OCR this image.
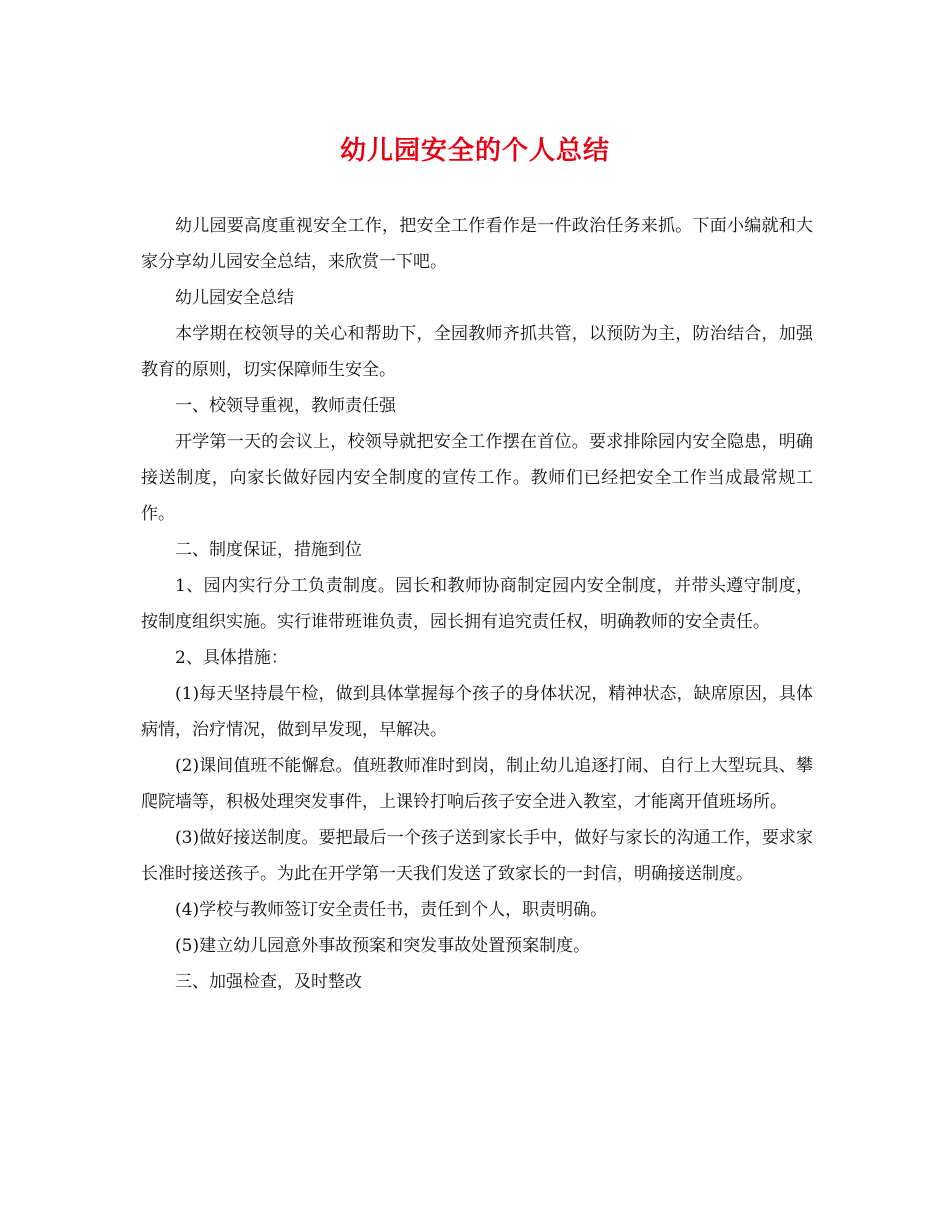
幼儿园安全的个人总结

幼儿园要高度重视安全工作，把安全工作看作是一件政治任务来抓。下面小编就和大家分享幼儿园安全总结，来欣赏一下吧。

幼儿园安全总结

本学期在校领导的关心和帮助下，全园教师齐抓共管，以预防为主，防治结合，加强教育的原则，切实保障师生安全。

一、校领导重视，教师责任强

开学第一天的会议上，校领导就把安全工作摆在首位。要求排除园内安全隐患，明确接送制度，向家长做好园内安全制度的宣传工作。教师们已经把安全工作当成最常规工作。

二、制度保证，措施到位

1、园内实行分工负责制度。园长和教师协商制定园内安全制度，并带头遵守制度，按制度组织实施。实行谁带班谁负责，园长拥有追究责任权，明确教师的安全责任。

2、具体措施：

(1)每天坚持晨午检，做到具体掌握每个孩子的身体状况，精神状态，缺席原因，具体病情，治疗情况，做到早发现，早解决。

(2)课间值班不能懈怠。值班教师准时到岗，制止幼儿追逐打闹、自行上大型玩具、攀爬院墙等，积极处理突发事件，上课铃打响后孩子安全进入教室，才能离开值班场所。

(3)做好接送制度。要把最后一个孩子送到家长手中，做好与家长的沟通工作，要求家长准时接送孩子。为此在开学第一天我们发送了致家长的一封信，明确接送制度。

(4)学校与教师签订安全责任书，责任到个人，职责明确。

(5)建立幼儿园意外事故预案和突发事故处置预案制度。

三、加强检查，及时整改
